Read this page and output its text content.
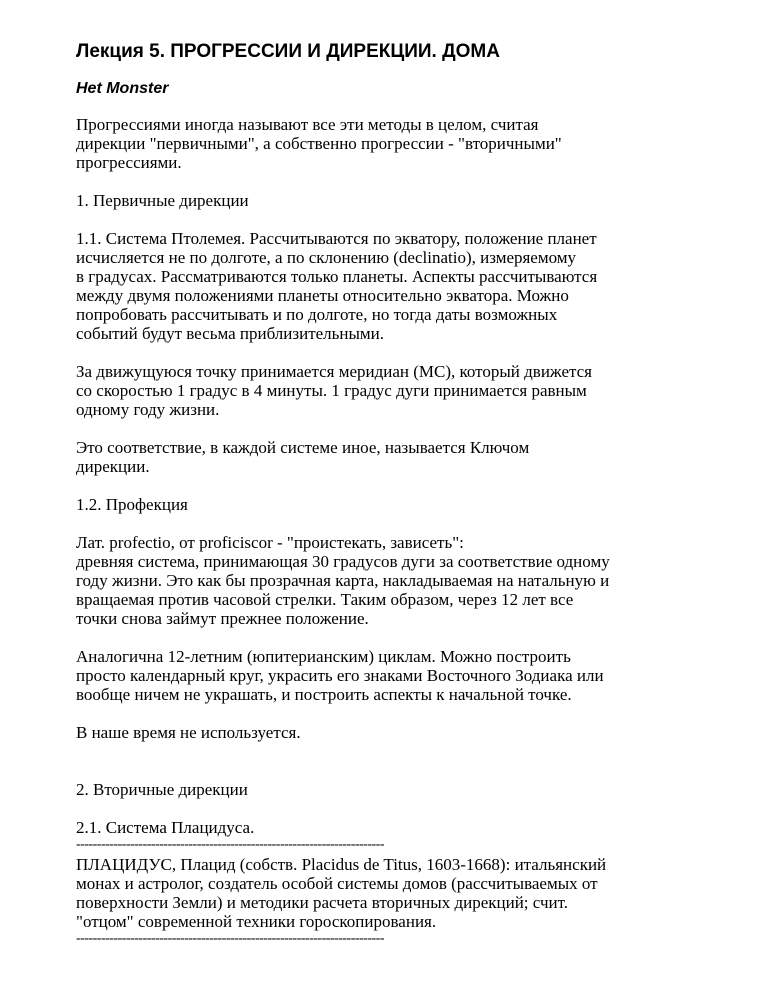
Лекция 5. ПРОГРЕССИИ И ДИРЕКЦИИ. ДОМА
Het Monster

Прогрессиями иногда называют все эти методы в целом, считая
дирекции "первичными", а собственно прогрессии - "вторичными"
прогрессиями.

1. Первичные дирекции

1.1. Система Птолемея. Рассчитываются по экватору, положение планет
исчисляется не по долготе, а по склонению (declinatio), измеряемому
в градусах. Рассматриваются только планеты. Аспекты рассчитываются
между двумя положениями планеты относительно экватора. Можно
попробовать рассчитывать и по долготе, но тогда даты возможных
событий будут весьма приблизительными.

За движущуюся точку принимается меридиан (MC), который движется
со скоростью 1 градус в 4 минуты. 1 градус дуги принимается равным
одному году жизни.

Это соответствие, в каждой системе иное, называется Ключом
дирекции.

1.2. Профекция

Лат. profectio, от proficiscor - "проистекать, зависеть":
древняя система, принимающая 30 градусов дуги за соответствие одному
году жизни. Это как бы прозрачная карта, накладываемая на натальную и
вращаемая против часовой стрелки. Таким образом, через 12 лет все
точки снова займут прежнее положение.

Аналогична 12-летним (юпитерианским) циклам. Можно построить
просто календарный круг, украсить его знаками Восточного Зодиака или
вообще ничем не украшать, и построить аспекты к начальной точке.

В наше время не используется.

2. Вторичные дирекции

2.1. Система Плацидуса.

--------------------------------------------------------------------------

ПЛАЦИДУС, Плацид (собств. Placidus de Titus, 1603-1668): итальянский
монах и астролог, создатель особой системы домов (рассчитываемых от
поверхности Земли) и методики расчета вторичных дирекций; счит.
"отцом" современной техники гороскопирования.

--------------------------------------------------------------------------
